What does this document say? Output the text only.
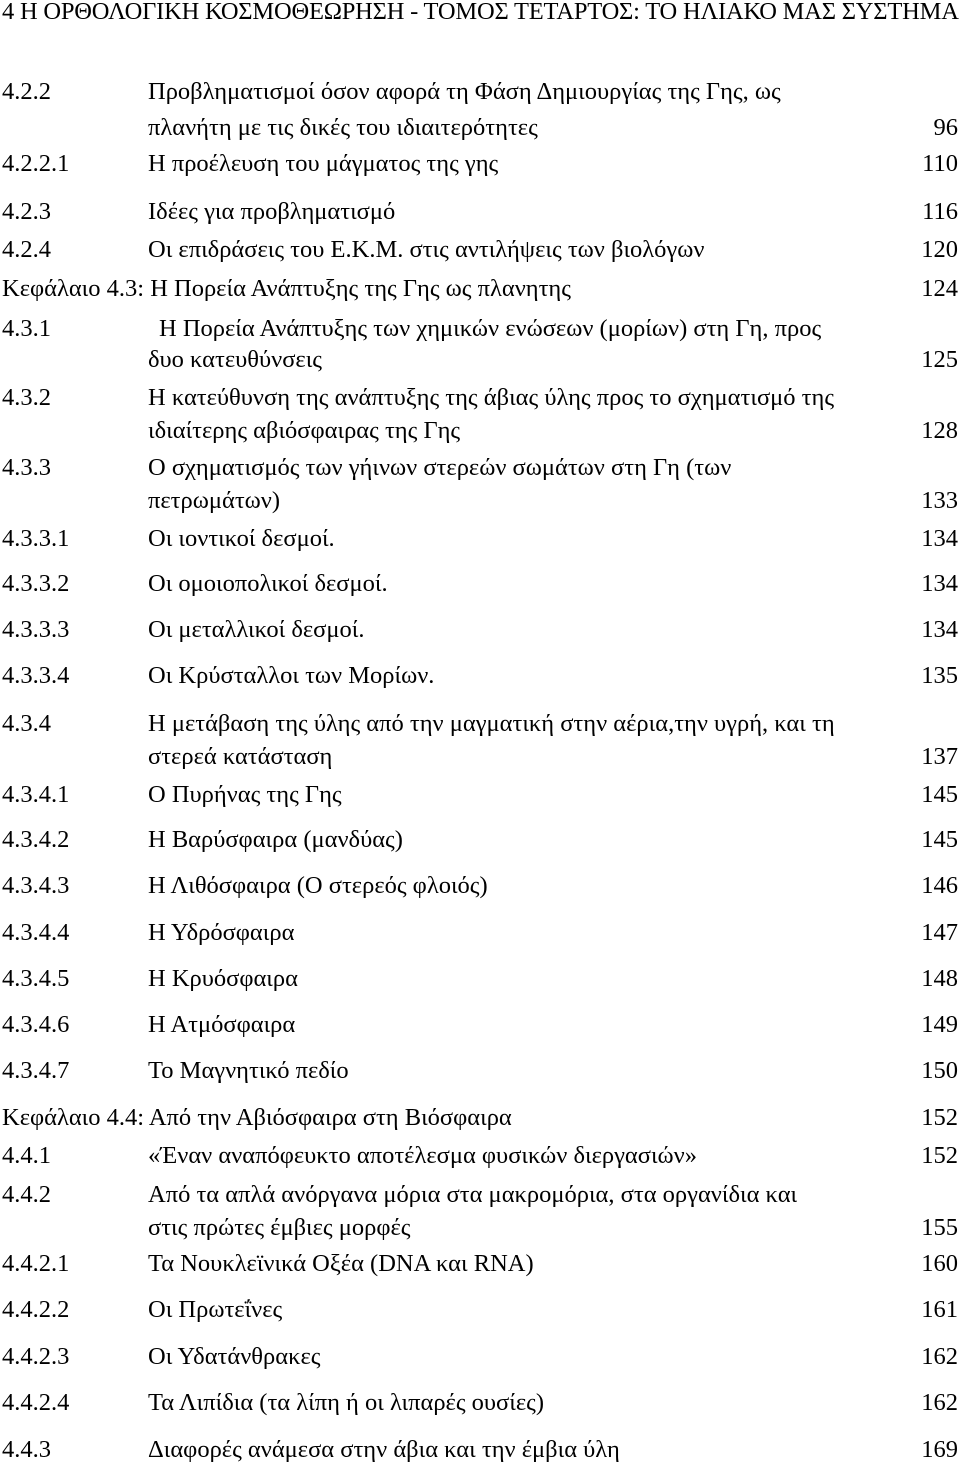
4 Η ΟΡΘΟΛΟΓΙΚΗ ΚΟΣΜΟΘΕΩΡΗΣΗ - ΤΟΜΟΣ ΤΕΤΑΡΤΟΣ: ΤΟ ΗΛΙΑΚΟ ΜΑΣ ΣΥΣΤΗΜΑ
4.2.2	Προβληματισμοί όσον αφορά τη Φάση Δημιουργίας της Γης, ως
πλανήτη με τις δικές του ιδιαιτερότητες	96
4.2.2.1	Η προέλευση του μάγματος της γης	110
4.2.3	Ιδέες για προβληματισμό	116
4.2.4	Οι επιδράσεις του Ε.Κ.Μ. στις αντιλήψεις των βιολόγων	120
Κεφάλαιο 4.3: Η Πορεία Ανάπτυξης της Γης ως πλανητης	124
4.3.1	Η Πορεία Ανάπτυξης των χημικών ενώσεων (μορίων) στη Γη, προς
δυο κατευθύνσεις	125
4.3.2	Η κατεύθυνση της ανάπτυξης της άβιας ύλης προς το σχηματισμό της
ιδιαίτερης αβιόσφαιρας της Γης	128
4.3.3	Ο σχηματισμός των γήινων στερεών σωμάτων στη Γη (των
πετρωμάτων)	133
4.3.3.1	Οι ιοντικοί δεσμοί.	134
4.3.3.2	Οι ομοιοπολικοί δεσμοί.	134
4.3.3.3	Οι μεταλλικοί δεσμοί.	134
4.3.3.4	Οι Κρύσταλλοι των Μορίων.	135
4.3.4	Η μετάβαση της ύλης από την μαγματική στην αέρια,την υγρή, και τη
στερεά κατάσταση	137
4.3.4.1	Ο Πυρήνας της Γης	145
4.3.4.2	Η Βαρύσφαιρα (μανδύας)	145
4.3.4.3	Η Λιθόσφαιρα (Ο στερεός φλοιός)	146
4.3.4.4	Η Υδρόσφαιρα	147
4.3.4.5	Η Κρυόσφαιρα	148
4.3.4.6	Η Ατμόσφαιρα	149
4.3.4.7	Το Μαγνητικό πεδίο	150
Κεφάλαιο 4.4: Από την Αβιόσφαιρα στη Βιόσφαιρα	152
4.4.1	«Έναν αναπόφευκτο αποτέλεσμα φυσικών διεργασιών»	152
4.4.2	Από τα απλά ανόργανα μόρια στα μακρομόρια, στα οργανίδια και
στις πρώτες έμβιες μορφές	155
4.4.2.1	Τα Νουκλεϊνικά Οξέα (DNA και RNA)	160
4.4.2.2	Οι Πρωτεΐνες	161
4.4.2.3	Οι Υδατάνθρακες	162
4.4.2.4	Τα Λιπίδια (τα λίπη ή οι λιπαρές ουσίες)	162
4.4.3	Διαφορές ανάμεσα στην άβια και την έμβια ύλη	169
